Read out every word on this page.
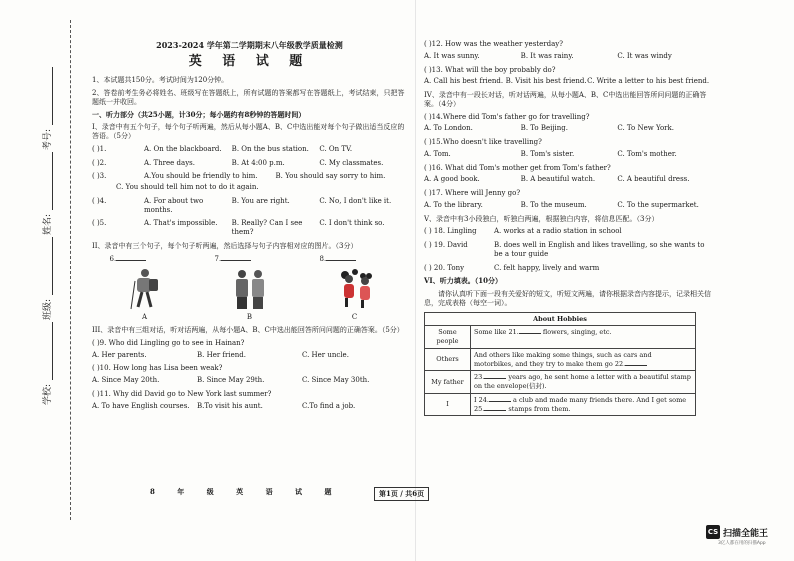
考号:
姓名:
班级:
学校:
2023-2024 学年第二学期期末八年级教学质量检测
英 语 试 题
1、本试题共150分。考试时间为120分钟。
2、答卷前考生务必将姓名、班级写在答题纸上，所有试题的答案都写在答题纸上，考试结束，只把答题纸一并收回。
一、听力部分（共25小题，计30分；每小题约有8秒钟的答题时间）
I、录音中有五个句子，每个句子听两遍，然后从每小题A、B、C中选出能对每个句子做出适当反应的答语。（5分）
( )1.	A. On the blackboard.	B. On the bus station.	C. On TV.
( )2.	A. Three days.	B. At 4:00 p.m.	C. My classmates.
( )3.	A.You should be friendly to him.	B. You should say sorry to him.
C. You should tell him not to do it again.
( )4.	A. For about two months.
B. You are right.	C. No, I don't like it.
( )5.	A. That's impossible.	B. Really? Can I see them?
C. I don't think so.
II、录音中有三个句子，每个句子听两遍，然后选择与句子内容相对应的图片。（3分）
6.
A
7.
B
8.
C
III、录音中有三组对话，听对话两遍，从每小题A、B、C中选出能回答所问问题的正确答案。（5分）
( )9. Who did Lingling go to see in Hainan?
A. Her parents.	B. Her friend.	C. Her uncle.
( )10. How long has Lisa been weak?
A. Since May 20th.	B. Since May 29th.	C. Since May 30th.
( )11. Why did David go to New York last summer?
A. To have English courses.	B.To visit his aunt.	C.To find a job.
8 年 级 英 语 试 题	第1页 / 共6页
( )12. How was the weather yesterday?
A. It was sunny.	B. It was rainy.	C. It was windy
( )13. What will the boy probably do?
A. Call his best friend. B. Visit his best friend. C. Write a letter to his best friend.
IV、录音中有一段长对话，听对话两遍，从每小题A、B、C中选出能回答所问问题的正确答案。（4分）
( )14.Where did Tom's father go for travelling?
A. To London.	B. To Beijing.	C. To New York.
( )15.Who doesn't like travelling?
A. Tom.	B. Tom's sister.	C. Tom's mother.
( )16. What did Tom's mother get from Tom's father?
A. A good book.	B. A beautiful watch.	C. A beautiful dress.
( )17. Where will Jenny go?
A. To the library.	B. To the museum.	C. To the supermarket.
V、录音中有3小段独白，听独白两遍，根据独白内容，将信息匹配。（3分）
( ) 18. Lingling	A. works at a radio station in school
( ) 19. David	B. does well in English and likes travelling, so she wants to be a tour guide
( ) 20. Tony	C. felt happy, lively and warm
VI、听力填表。（10分）
请你认真听下面一段有关爱好的短文，听短文两遍，请你根据录音内容提示，记录相关信息，完成表格（每空一词）。
About Hobbies	
Some people	Some like 21. flowers, singing, etc.
Others	And others like making some things, such as cars and motorbikes, and they try to make them go 22.
My father	23. years ago, he sent home a letter with a beautiful stamp on the envelope(信封).
I	I 24. a club and made many friends there. And I get some 25. stamps from them.
CS 扫描全能王
3亿人都在用的扫描App
